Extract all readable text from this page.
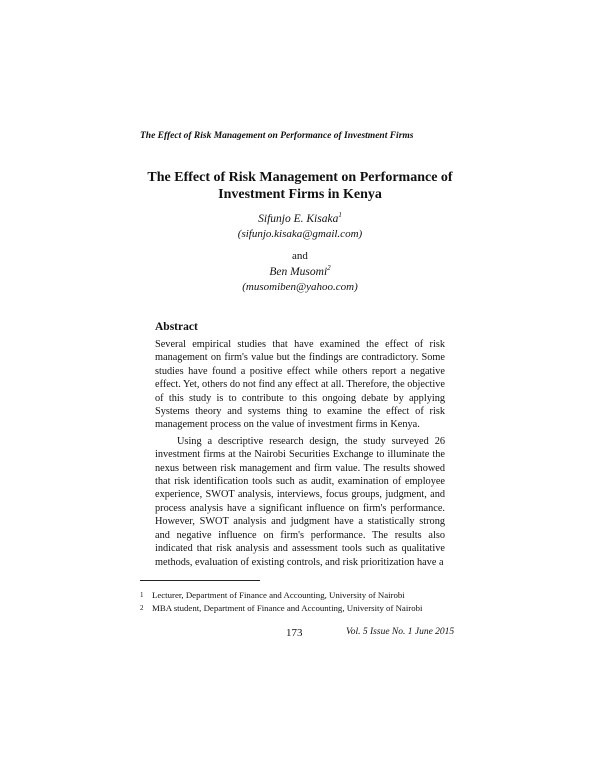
The Effect of Risk Management on Performance of Investment Firms
The Effect of Risk Management on Performance of
Investment Firms in Kenya
Sifunjo E. Kisaka$^1$
(sifunjo.kisaka@gmail.com)
and
Ben Musomi$^2$
(musomiben@yahoo.com)
Abstract

Several empirical studies that have examined the effect of risk management on firm's value but the findings are contradictory. Some studies have found a positive effect while others report a negative effect. Yet, others do not find any effect at all. Therefore, the objective of this study is to contribute to this ongoing debate by applying Systems theory and systems thing to examine the effect of risk management process on the value of investment firms in Kenya.

Using a descriptive research design, the study surveyed 26 investment firms at the Nairobi Securities Exchange to illuminate the nexus between risk management and firm value. The results showed that risk identification tools such as audit, examination of employee experience, SWOT analysis, interviews, focus groups, judgment, and process analysis have a significant influence on firm's performance. However, SWOT analysis and judgment have a statistically strong and negative influence on firm's performance. The results also indicated that risk analysis and assessment tools such as qualitative methods, evaluation of existing controls, and risk prioritization have a

1 Lecturer, Department of Finance and Accounting, University of Nairobi
2 MBA student, Department of Finance and Accounting, University of Nairobi
173	Vol. 5 Issue No. 1 June 2015
